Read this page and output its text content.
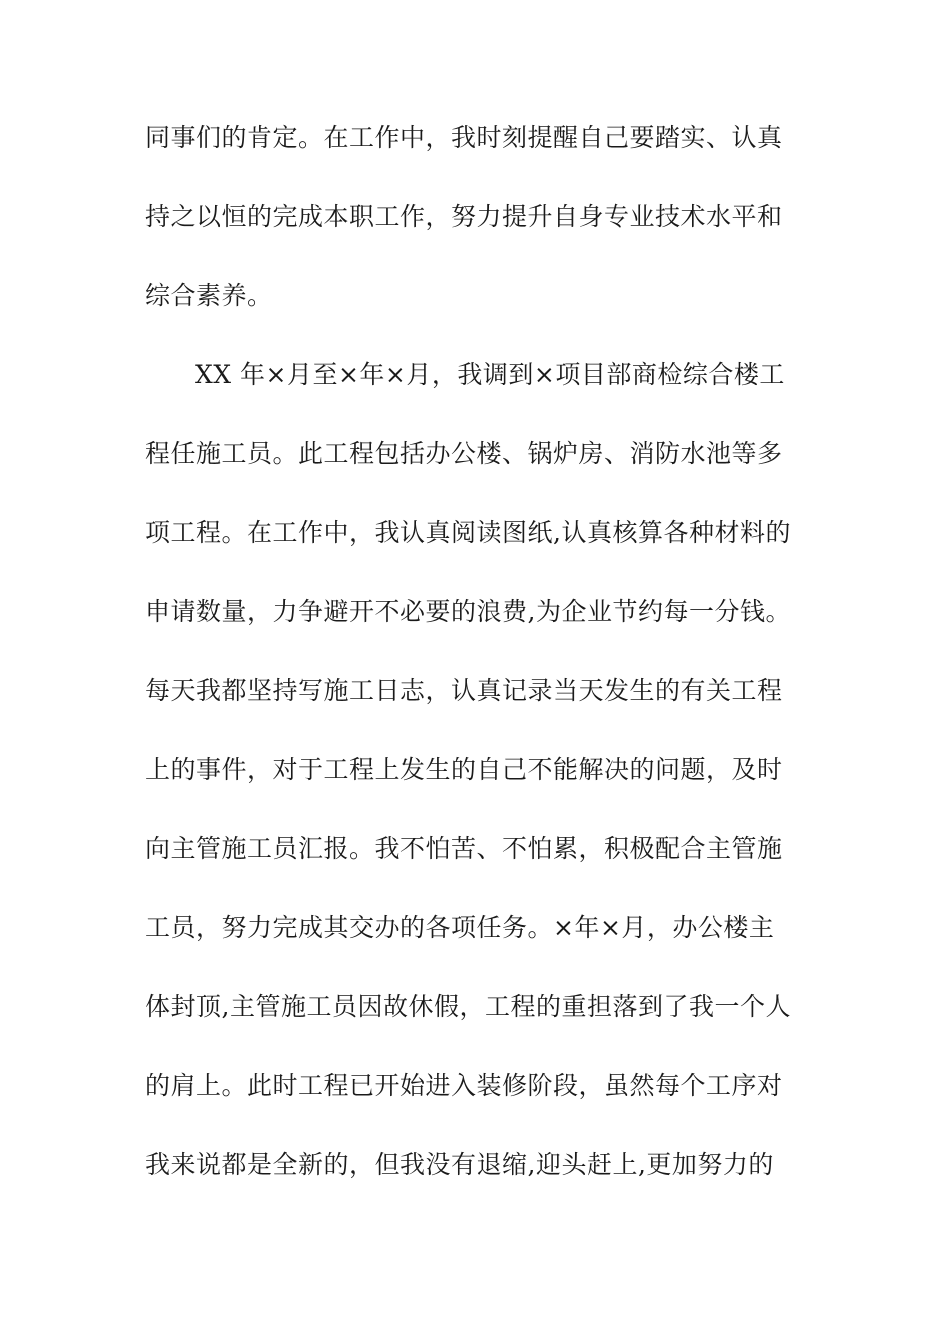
同事们的肯定。在工作中，我时刻提醒自己要踏实、认真
持之以恒的完成本职工作，努力提升自身专业技术水平和
综合素养。
XX 年×月至×年×月，我调到×项目部商检综合楼工
程任施工员。此工程包括办公楼、锅炉房、消防水池等多
项工程。在工作中，我认真阅读图纸,认真核算各种材料的
申请数量，力争避开不必要的浪费,为企业节约每一分钱。
每天我都坚持写施工日志，认真记录当天发生的有关工程
上的事件，对于工程上发生的自己不能解决的问题，及时
向主管施工员汇报。我不怕苦、不怕累，积极配合主管施
工员，努力完成其交办的各项任务。×年×月，办公楼主
体封顶,主管施工员因故休假，工程的重担落到了我一个人
的肩上。此时工程已开始进入装修阶段，虽然每个工序对
我来说都是全新的，但我没有退缩,迎头赶上,更加努力的
